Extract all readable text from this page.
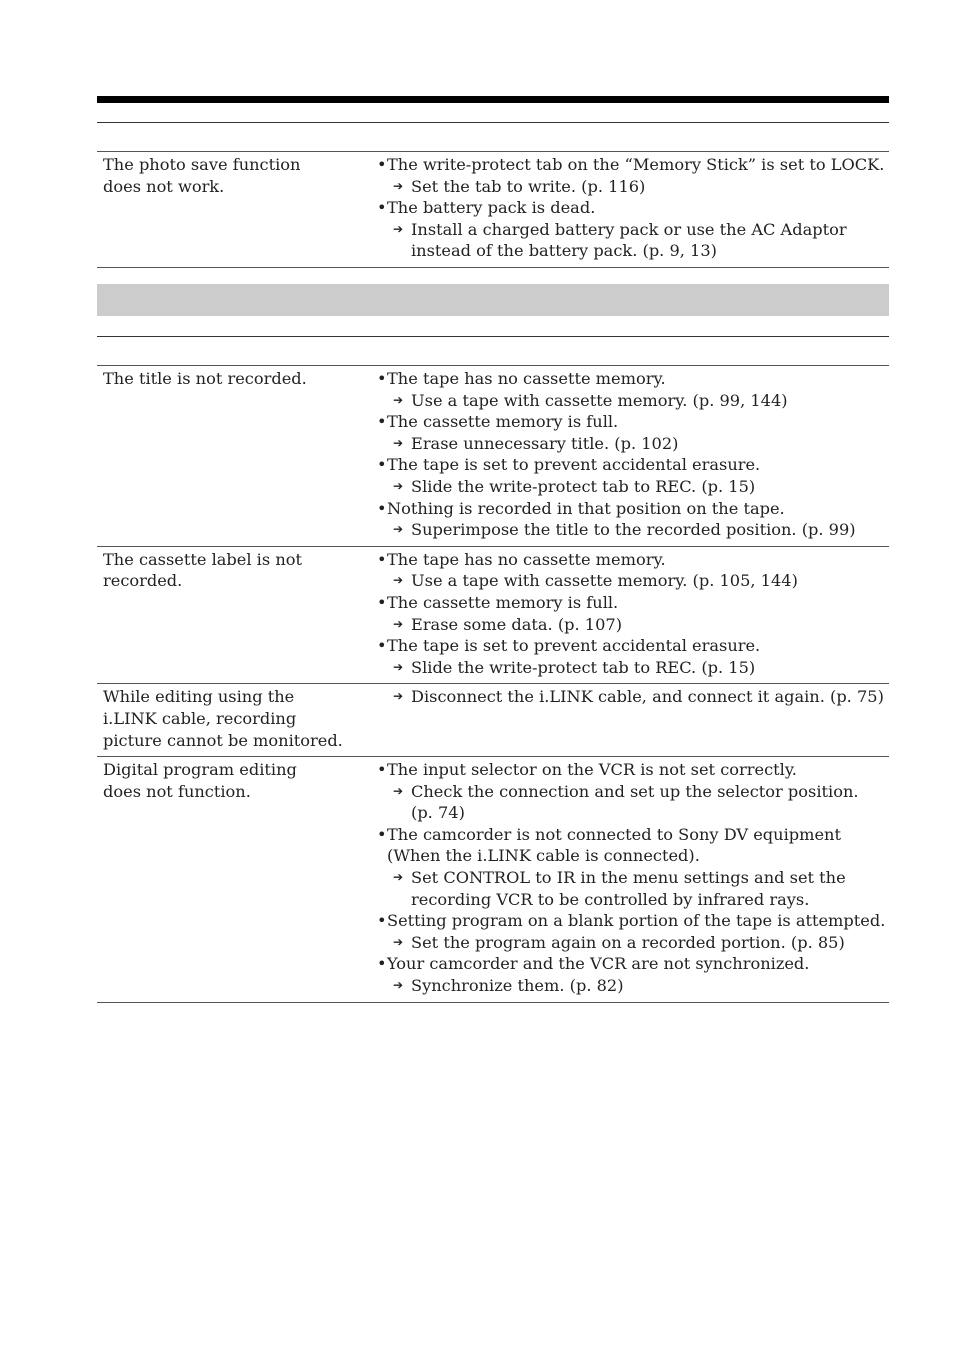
The photo save function
does not work.
• The write-protect tab on the “Memory Stick” is set to LOCK.
➔ Set the tab to write. (p. 116)
• The battery pack is dead.
➔ Install a charged battery pack or use the AC Adaptor
instead of the battery pack. (p. 9, 13)
The title is not recorded.	• The tape has no cassette memory.
➔ Use a tape with cassette memory. (p. 99, 144)
• The cassette memory is full.
➔ Erase unnecessary title. (p. 102)
• The tape is set to prevent accidental erasure.
➔ Slide the write-protect tab to REC. (p. 15)
• Nothing is recorded in that position on the tape.
➔ Superimpose the title to the recorded position. (p. 99)
The cassette label is not
recorded.
• The tape has no cassette memory.
➔ Use a tape with cassette memory. (p. 105, 144)
• The cassette memory is full.
➔ Erase some data. (p. 107)
• The tape is set to prevent accidental erasure.
➔ Slide the write-protect tab to REC. (p. 15)
While editing using the
i.LINK cable, recording
picture cannot be monitored.
➔ Disconnect the i.LINK cable, and connect it again. (p. 75)
Digital program editing
does not function.
• The input selector on the VCR is not set correctly.
➔ Check the connection and set up the selector position.
(p. 74)
• The camcorder is not connected to Sony DV equipment
(When the i.LINK cable is connected).
➔ Set CONTROL to IR in the menu settings and set the
recording VCR to be controlled by infrared rays.
• Setting program on a blank portion of the tape is attempted.
➔ Set the program again on a recorded portion. (p. 85)
• Your camcorder and the VCR are not synchronized.
➔ Synchronize them. (p. 82)
